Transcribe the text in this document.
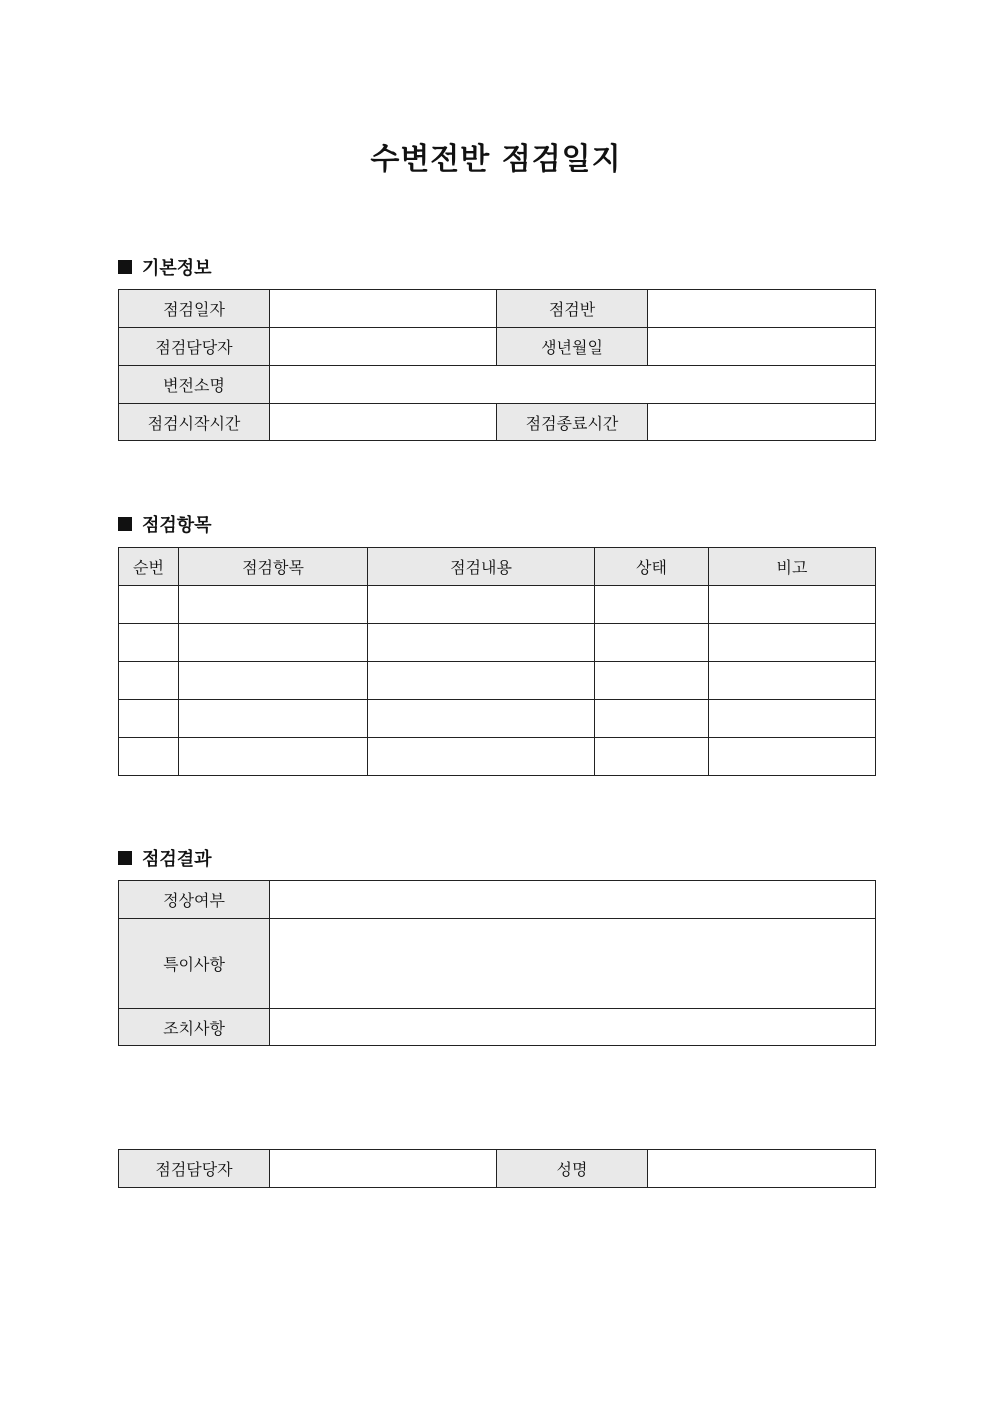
수변전반 점검일지
기본정보
점검일자		점검반	
점검담당자		생년월일	
변전소명			
점검시작시간		점검종료시간	
점검항목
순번	점검항목	점검내용	상태	비고

점검결과
정상여부	
특이사항	
조치사항	
점검담당자		성명	
